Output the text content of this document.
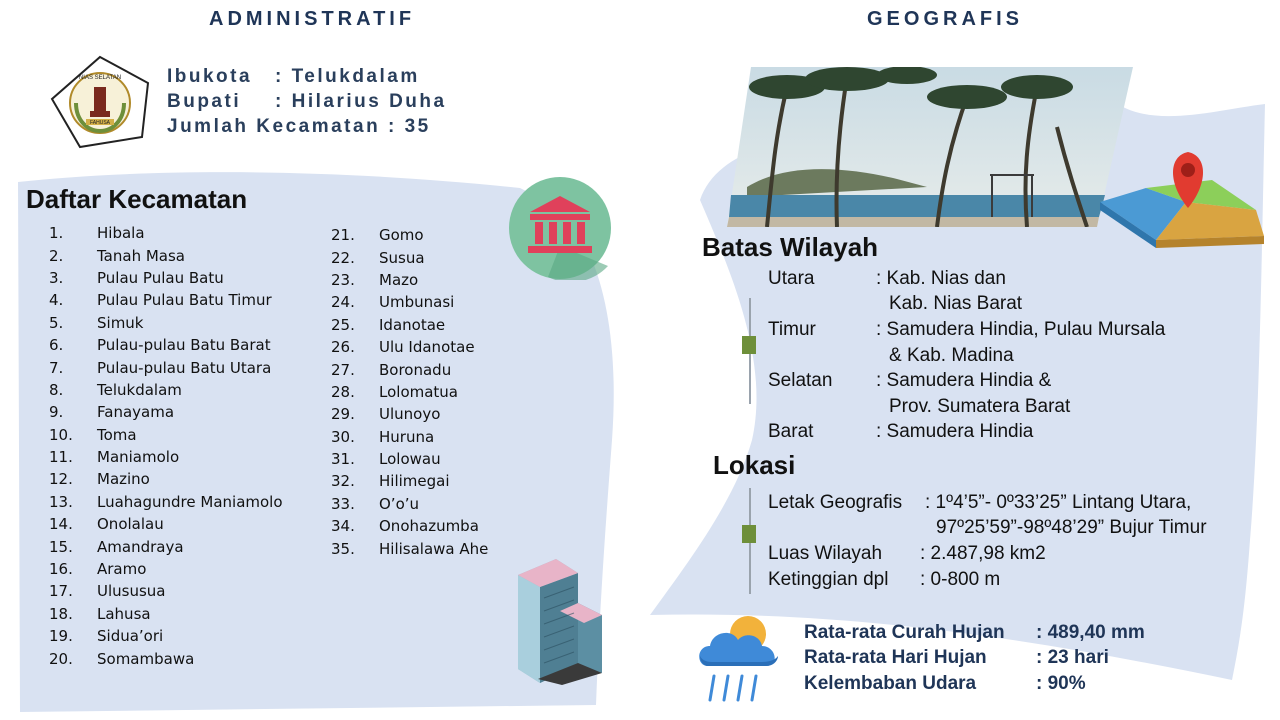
ADMINISTRATIF	GEOGRAFIS
NIAS SELATAN
FAHUSA
Ibukota	: Telukdalam
Bupati	: Hilarius Duha
Jumlah Kecamatan : 35
Daftar Kecamatan
1.	Hibala
2.	Tanah Masa
3.	Pulau Pulau Batu
4.	Pulau Pulau Batu Timur
5.	Simuk
6.	Pulau-pulau Batu Barat
7.	Pulau-pulau Batu Utara
8.	Telukdalam
9.	Fanayama
10.	Toma
11.	Maniamolo
12.	Mazino
13.	Luahagundre Maniamolo
14.	Onolalau
15.	Amandraya
16.	Aramo
17.	Ulususua
18.	Lahusa
19.	Sidua’ori
20.	Somambawa
21.	Gomo
22.	Susua
23.	Mazo
24.	Umbunasi
25.	Idanotae
26.	Ulu Idanotae
27.	Boronadu
28.	Lolomatua
29.	Ulunoyo
30.	Huruna
31.	Lolowau
32.	Hilimegai
33.	O’o’u
34.	Onohazumba
35.	Hilisalawa Ahe
Batas Wilayah
Utara	: Kab. Nias dan
Kab. Nias Barat
Timur	: Samudera Hindia, Pulau Mursala
& Kab. Madina
Selatan : Samudera Hindia &
Prov. Sumatera Barat
Barat	: Samudera Hindia
Lokasi
Letak Geografis : 1º4’5”- 0º33’25” Lintang Utara,
97º25’59”-98º48’29” Bujur Timur
Luas Wilayah : 2.487,98 km2
Ketinggian dpl : 0-800 m
Rata-rata Curah Hujan : 489,40 mm
Rata-rata Hari Hujan	: 23 hari
Kelembaban Udara	: 90%
